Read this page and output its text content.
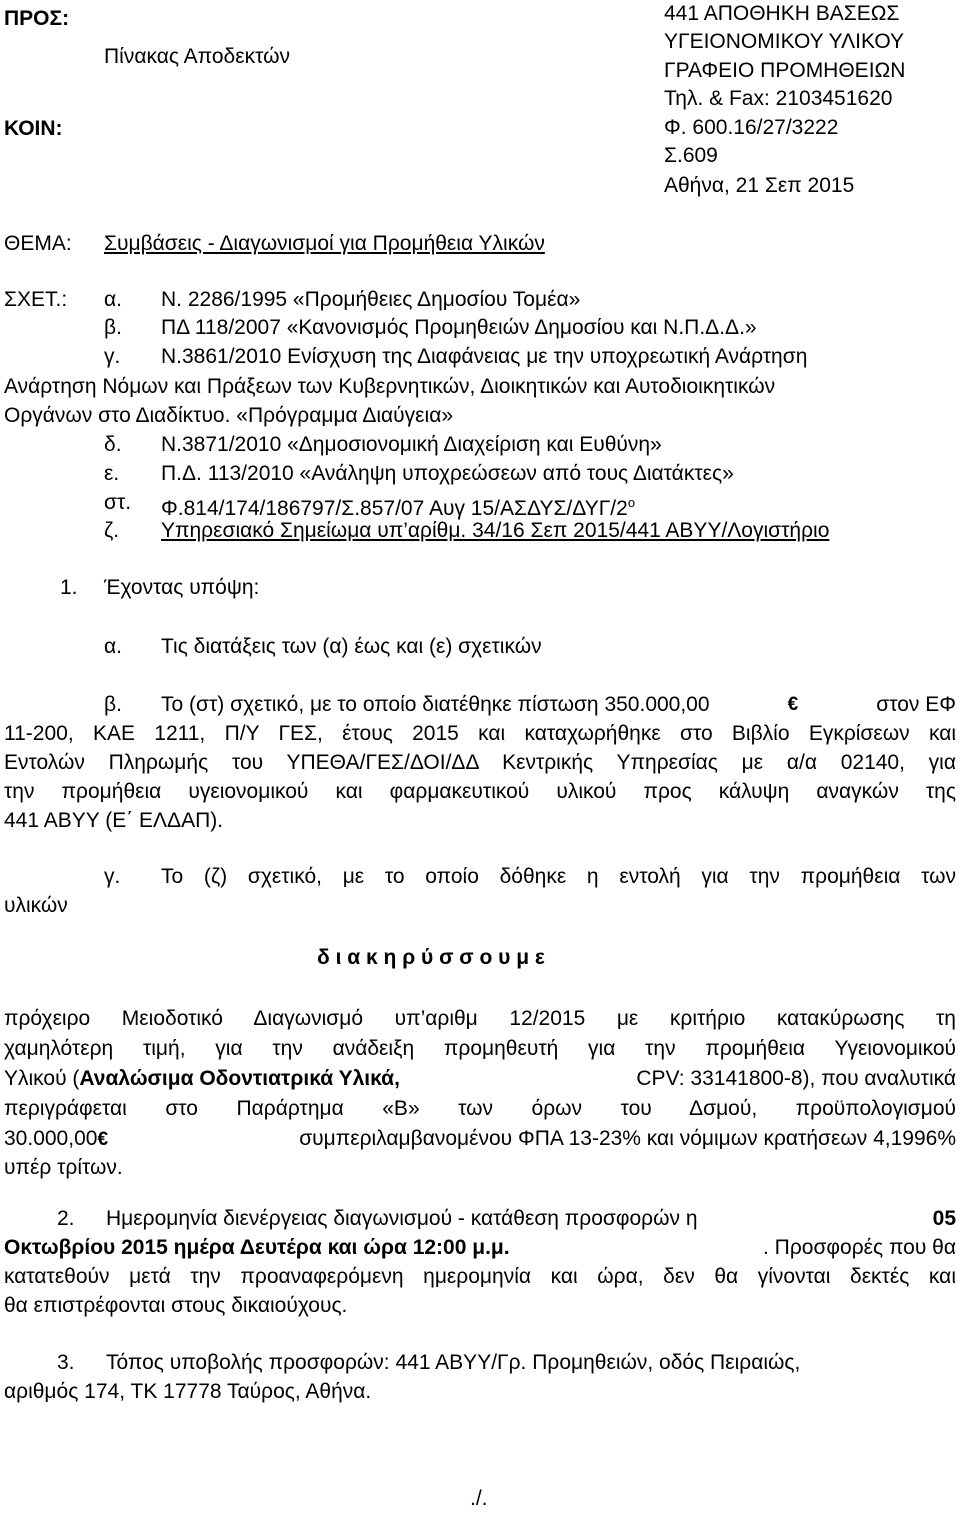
ΠΡΟΣ:
Πίνακας Αποδεκτών
ΚΟΙΝ:
441 ΑΠΟΘΗΚΗ ΒΑΣΕΩΣ
ΥΓΕΙΟΝΟΜΙΚΟΥ ΥΛΙΚΟΥ
ΓΡΑΦΕΙΟ ΠΡΟΜΗΘΕΙΩΝ
Τηλ. & Fax: 2103451620
Φ. 600.16/27/3222
Σ.609
Αθήνα, 21 Σεπ 2015
ΘΕΜΑ: Συμβάσεις - Διαγωνισμοί για Προμήθεια Υλικών
ΣΧΕΤ.: α. Ν. 2286/1995 «Προμήθειες Δημοσίου Τομέα»
β. ΠΔ 118/2007 «Κανονισμός Προμηθειών Δημοσίου και Ν.Π.Δ.Δ.»
γ. Ν.3861/2010 Ενίσχυση της Διαφάνειας με την υποχρεωτική Ανάρτηση
Ανάρτηση Νόμων και Πράξεων των Κυβερνητικών, Διοικητικών και Αυτοδιοικητικών
Οργάνων στο Διαδίκτυο. «Πρόγραμμα Διαύγεια»
δ. Ν.3871/2010 «Δημοσιονομική Διαχείριση και Ευθύνη»
ε. Π.Δ. 113/2010 «Ανάληψη υποχρεώσεων από τους Διατάκτες»
στ. Φ.814/174/186797/Σ.857/07 Αυγ $15/A\Sigma\Delta\Upsilon\Sigma/\Delta\Upsilon\Gamma/2^o$
ζ. Υπηρεσιακό Σημείωμα υπ’αρίθμ. 34/16 Σεπ 2015/441 ΑΒΥΥ/Λογιστήριο
1. Έχοντας υπόψη:
α. Τις διατάξεις των (α) έως και (ε) σχετικών
β. Το (στ) σχετικό, με το οποίο διατέθηκε πίστωση 350.000,00	€	στον ΕΦ
11-200, ΚΑΕ 1211, Π/Υ ΓΕΣ, έτους 2015 και καταχωρήθηκε στο Βιβλίο Εγκρίσεων και
Εντολών Πληρωμής του ΥΠΕΘΑ/ΓΕΣ/ΔΟΙ/ΔΔ Κεντρικής Υπηρεσίας με α/α 02140, για
την προμήθεια υγειονομικού και φαρμακευτικού υλικού προς κάλυψη αναγκών της
441 ΑΒΥΥ (Ε΄ ΕΛΔΑΠ).
γ. Το (ζ) σχετικό, με το οποίο δόθηκε η εντολή για την προμήθεια των
υλικών
δ ι α κ η ρ ύ σ σ ο υ μ ε
πρόχειρο Μειοδοτικό Διαγωνισμό υπ’αριθμ 12/2015 με κριτήριο κατακύρωσης τη
χαμηλότερη τιμή, για την ανάδειξη προμηθευτή για την προμήθεια Υγειονομικού
Υλικού (Αναλώσιμα Οδοντιατρικά Υλικά,	CPV: 33141800-8), που αναλυτικά
περιγράφεται στο Παράρτημα «Β» των όρων του Δσμού, προϋπολογισμού
30.000,00€	συμπεριλαμβανομένου ΦΠΑ 13-23% και νόμιμων κρατήσεων 4,1996%
υπέρ τρίτων.
2. Ημερομηνία διενέργειας διαγωνισμού - κατάθεση προσφορών η	05
Οκτωβρίου 2015 ημέρα Δευτέρα και ώρα 12:00 μ.μ.	. Προσφορές που θα
κατατεθούν μετά την προαναφερόμενη ημερομηνία και ώρα, δεν θα γίνονται δεκτές και
θα επιστρέφονται στους δικαιούχους.
3. Τόπος υποβολής προσφορών: 441 ΑΒΥΥ/Γρ. Προμηθειών, οδός Πειραιώς,
αριθμός 174, ΤΚ 17778 Ταύρος, Αθήνα.
./.
